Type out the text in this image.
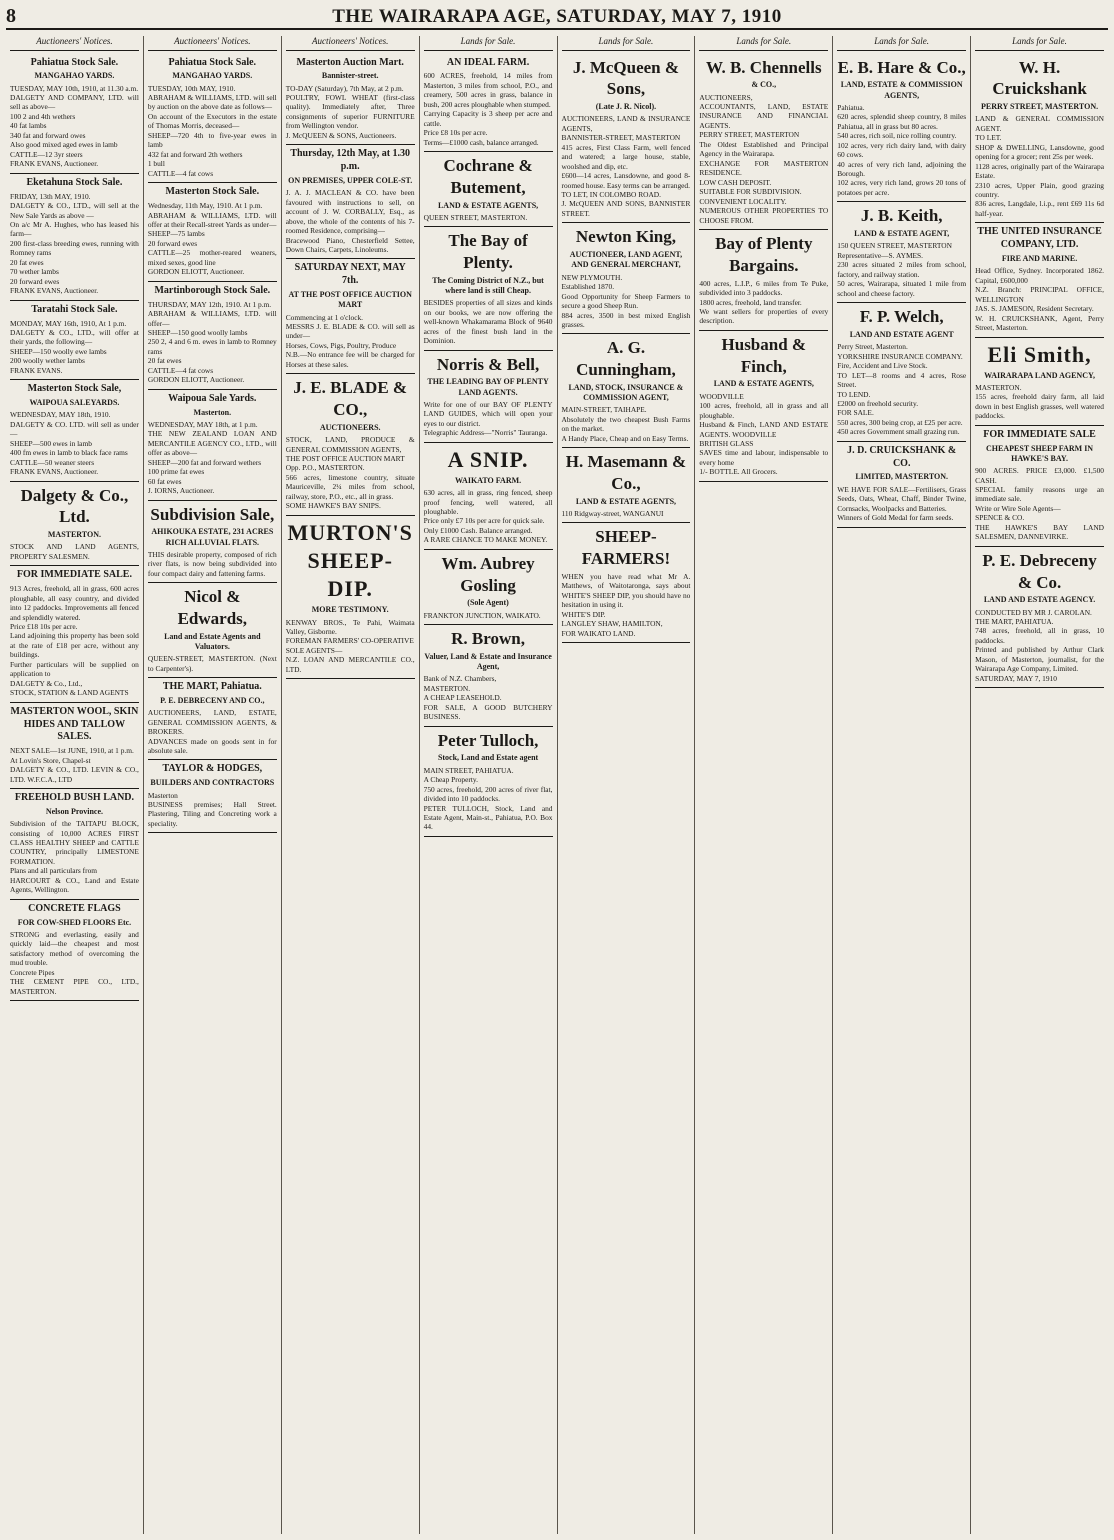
8	THE WAIRARAPA AGE, SATURDAY, MAY 7, 1910
Auctioneers' Notices.
Pahiatua Stock Sale.
MANGAHAO YARDS.
TUESDAY, MAY 10th, 1910, at 11.30 a.m.
DALGETY AND COMPANY, LTD. will sell as above—
100 2 and 4th wethers
40 fat lambs
340 fat and forward owes
Also good mixed aged ewes in lamb
CATTLE—12 3yr steers
FRANK EVANS, Auctioneer.
Eketahuna Stock Sale.
FRIDAY, 13th MAY, 1910.
DALGETY & CO., LTD., will sell at the New Sale Yards as above —
On a/c Mr A. Hughes, who has leased his farm—
200 first-class breeding ewes, running with Romney rams
20 fat ewes
70 wether lambs
20 forward ewes
FRANK EVANS, Auctioneer.
Taratahi Stock Sale.
MONDAY, MAY 16th, 1910, At 1 p.m.
DALGETY & CO., LTD., will offer at their yards, the following—
SHEEP—150 woolly ewe lambs
200 woolly wether lambs
FRANK EVANS.
Masterton Stock Sale,
WAIPOUA SALEYARDS.
WEDNESDAY, MAY 18th, 1910.
DALGETY & CO. LTD. will sell as under—
SHEEP—500 ewes in lamb
400 fm ewes in lamb to black face rams
CATTLE—50 weaner steers
FRANK EVANS, Auctioneer.
Dalgety & Co., Ltd.
MASTERTON.
STOCK AND LAND AGENTS, PROPERTY SALESMEN.
FOR IMMEDIATE SALE.
913 Acres, freehold, all in grass, 600 acres ploughable, all easy country, and divided into 12 paddocks. Improvements all fenced and splendidly watered.
Price £18 10s per acre.
Land adjoining this property has been sold at the rate of £18 per acre, without any buildings.
Further particulars will be supplied on application to
DALGETY & Co., Ltd.,
STOCK, STATION & LAND AGENTS
MASTERTON WOOL, SKIN HIDES AND TALLOW SALES.
NEXT SALE—1st JUNE, 1910, at 1 p.m.
At Lovin's Store, Chapel-st
DALGETY & CO., LTD. LEVIN & CO., LTD. W.F.C.A., LTD
FREEHOLD BUSH LAND.
Nelson Province.
Subdivision of the TAITAPU BLOCK, consisting of 10,000 ACRES FIRST CLASS HEALTHY SHEEP and CATTLE COUNTRY, principally LIMESTONE FORMATION.
Plans and all particulars from
HARCOURT & CO., Land and Estate Agents, Wellington.
CONCRETE FLAGS
FOR COW-SHED FLOORS Etc.
STRONG and everlasting, easily and quickly laid—the cheapest and most satisfactory method of overcoming the mud trouble.
Concrete Pipes
THE CEMENT PIPE CO., LTD., MASTERTON.
Auctioneers' Notices.
Pahiatua Stock Sale.
MANGAHAO YARDS.
TUESDAY, 10th MAY, 1910.
ABRAHAM & WILLIAMS, LTD. will sell by auction on the above date as follows—
On account of the Executors in the estate of Thomas Morris, deceased—
SHEEP—720 4th to five-year ewes in lamb
432 fat and forward 2th wethers
1 bull
CATTLE—4 fat cows
Masterton Stock Sale.
Wednesday, 11th May, 1910. At 1 p.m.
ABRAHAM & WILLIAMS, LTD. will offer at their Recall-street Yards as under—
SHEEP—75 lambs
20 forward ewes
CATTLE—25 mother-reared weaners, mixed sexes, good line
GORDON ELIOTT, Auctioneer.
Martinborough Stock Sale.
THURSDAY, MAY 12th, 1910. At 1 p.m.
ABRAHAM & WILLIAMS, LTD. will offer—
SHEEP—150 good woolly lambs
250 2, 4 and 6 m. ewes in lamb to Romney rams
20 fat ewes
CATTLE—4 fat cows
GORDON ELIOTT, Auctioneer.
Waipoua Sale Yards.
Masterton.
WEDNESDAY, MAY 18th, at 1 p.m.
THE NEW ZEALAND LOAN AND MERCANTILE AGENCY CO., LTD., will offer as above—
SHEEP—200 fat and forward wethers
100 prime fat ewes
60 fat ewes
J. IORNS, Auctioneer.
Subdivision Sale,
AHIKOUKA ESTATE, 231 ACRES RICH ALLUVIAL FLATS.
THIS desirable property, composed of rich river flats, is now being subdivided into four compact dairy and fattening farms.
Nicol & Edwards,
Land and Estate Agents and Valuators.
QUEEN-STREET, MASTERTON. (Next to Carpenter's).
THE MART, Pahiatua.
P. E. DEBRECENY AND CO.,
AUCTIONEERS, LAND, ESTATE, GENERAL COMMISSION AGENTS, & BROKERS.
ADVANCES made on goods sent in for absolute sale.
TAYLOR & HODGES,
BUILDERS AND CONTRACTORS
Masterton
BUSINESS premises; Hall Street. Plastering, Tiling and Concreting work a speciality.
Auctioneers' Notices.
Masterton Auction Mart.
Bannister-street.
TO-DAY (Saturday), 7th May, at 2 p.m.
POULTRY, FOWL WHEAT (first-class quality). Immediately after, Three consignments of superior FURNITURE from Wellington vendor.
J. McQUEEN & SONS, Auctioneers.
Thursday, 12th May, at 1.30 p.m.
ON PREMISES, UPPER COLE-ST.
J. A. J. MACLEAN & CO. have been favoured with instructions to sell, on account of J. W. CORBALLY, Esq., as above, the whole of the contents of his 7-roomed Residence, comprising—
Bracewood Piano, Chesterfield Settee, Down Chairs, Carpets, Linoleums.
SATURDAY NEXT, MAY 7th.
AT THE POST OFFICE AUCTION MART
Commencing at 1 o'clock.
MESSRS J. E. BLADE & CO. will sell as under—
Horses, Cows, Pigs, Poultry, Produce
N.B.—No entrance fee will be charged for Horses at these sales.
J. E. BLADE & CO.,
AUCTIONEERS.
STOCK, LAND, PRODUCE & GENERAL COMMISSION AGENTS,
THE POST OFFICE AUCTION MART
Opp. P.O., MASTERTON.
566 acres, limestone country, situate Mauriceville, 2¼ miles from school, railway, store, P.O., etc., all in grass.
SOME HAWKE'S BAY SNIPS.
MURTON'S SHEEP-DIP.
MORE TESTIMONY.
KENWAY BROS., Te Pahi, Waimata Valley, Gisborne.
FOREMAN FARMERS' CO-OPERATIVE
SOLE AGENTS—
N.Z. LOAN AND MERCANTILE CO., LTD.
Lands for Sale.
AN IDEAL FARM.
600 ACRES, freehold, 14 miles from Masterton, 3 miles from school, P.O., and creamery, 500 acres in grass, balance in bush, 200 acres ploughable when stumped.
Carrying Capacity is 3 sheep per acre and cattle.
Price £8 10s per acre.
Terms—£1000 cash, balance arranged.
Cochrane & Butement,
LAND & ESTATE AGENTS,
QUEEN STREET, MASTERTON.
The Bay of Plenty.
The Coming District of N.Z., but where land is still Cheap.
BESIDES properties of all sizes and kinds on our books, we are now offering the well-known Whakamarama Block of 9640 acres of the finest bush land in the Dominion.
Norris & Bell,
THE LEADING BAY OF PLENTY LAND AGENTS.
Write for one of our BAY OF PLENTY LAND GUIDES, which will open your eyes to our district.
Telegraphic Address—"Norris" Tauranga.
A SNIP.
WAIKATO FARM.
630 acres, all in grass, ring fenced, sheep proof fencing, well watered, all ploughable.
Price only £7 10s per acre for quick sale.
Only £1000 Cash. Balance arranged.
A RARE CHANCE TO MAKE MONEY.
Wm. Aubrey Gosling
(Sole Agent)
FRANKTON JUNCTION, WAIKATO.
R. Brown,
Valuer, Land & Estate and Insurance Agent,
Bank of N.Z. Chambers,
MASTERTON.
A CHEAP LEASEHOLD.
FOR SALE, A GOOD BUTCHERY BUSINESS.
Peter Tulloch,
Stock, Land and Estate agent
MAIN STREET, PAHIATUA.
A Cheap Property.
750 acres, freehold, 200 acres of river flat, divided into 10 paddocks.
PETER TULLOCH, Stock, Land and Estate Agent, Main-st., Pahiatua, P.O. Box 44.
Lands for Sale.
J. McQueen & Sons,
(Late J. R. Nicol).
AUCTIONEERS, LAND & INSURANCE AGENTS,
BANNISTER-STREET, MASTERTON
415 acres, First Class Farm, well fenced and watered; a large house, stable, woolshed and dip, etc.
£600—14 acres, Lansdowne, and good 8-roomed house. Easy terms can be arranged.
TO LET, IN COLOMBO ROAD.
J. McQUEEN AND SONS, BANNISTER STREET.
Newton King,
AUCTIONEER, LAND AGENT, AND GENERAL MERCHANT,
NEW PLYMOUTH.
Established 1870.
Good Opportunity for Sheep Farmers to secure a good Sheep Run.
884 acres, 3500 in best mixed English grasses.
A. G. Cunningham,
LAND, STOCK, INSURANCE & COMMISSION AGENT,
MAIN-STREET, TAIHAPE.
Absolutely the two cheapest Bush Farms on the market.
A Handy Place, Cheap and on Easy Terms.
H. Masemann & Co.,
LAND & ESTATE AGENTS,
110 Ridgway-street, WANGANUI
SHEEP-FARMERS!
WHEN you have read what Mr A. Matthews, of Waitotaronga, says about WHITE'S SHEEP DIP, you should have no hesitation in using it.
WHITE'S DIP.
LANGLEY SHAW, HAMILTON,
FOR WAIKATO LAND.
Lands for Sale.
W. B. Chennells
& CO.,
AUCTIONEERS,
ACCOUNTANTS, LAND, ESTATE INSURANCE AND FINANCIAL AGENTS.
PERRY STREET, MASTERTON
The Oldest Established and Principal Agency in the Wairarapa.
EXCHANGE FOR MASTERTON RESIDENCE.
LOW CASH DEPOSIT.
SUITABLE FOR SUBDIVISION.
CONVENIENT LOCALITY.
NUMEROUS OTHER PROPERTIES TO CHOOSE FROM.
Bay of Plenty Bargains.
400 acres, L.I.P., 6 miles from Te Puke, subdivided into 3 paddocks.
1800 acres, freehold, land transfer.
We want sellers for properties of every description.
Husband & Finch,
LAND & ESTATE AGENTS,
WOODVILLE
100 acres, freehold, all in grass and all ploughable.
Husband & Finch, LAND AND ESTATE AGENTS. WOODVILLE
BRITISH GLASS
SAVES time and labour, indispensable to every home
1/- BOTTLE. All Grocers.
Lands for Sale.
E. B. Hare & Co.,
LAND, ESTATE & COMMISSION AGENTS,
Pahiatua.
620 acres, splendid sheep country, 8 miles Pahiatua, all in grass but 80 acres.
540 acres, rich soil, nice rolling country.
102 acres, very rich dairy land, with dairy 60 cows.
40 acres of very rich land, adjoining the Borough.
102 acres, very rich land, grows 20 tons of potatoes per acre.
J. B. Keith,
LAND & ESTATE AGENT,
150 QUEEN STREET, MASTERTON
Representative—S. AYMES.
230 acres situated 2 miles from school, factory, and railway station.
50 acres, Wairarapa, situated 1 mile from school and cheese factory.
F. P. Welch,
LAND AND ESTATE AGENT
Perry Street, Masterton.
YORKSHIRE INSURANCE COMPANY.
Fire, Accident and Live Stock.
TO LET—8 rooms and 4 acres, Rose Street.
TO LEND.
£2000 on freehold security.
FOR SALE.
550 acres, 300 being crop, at £25 per acre.
450 acres Government small grazing run.
J. D. CRUICKSHANK & CO.
LIMITED, MASTERTON.
WE HAVE FOR SALE—Fertilisers, Grass Seeds, Oats, Wheat, Chaff, Binder Twine, Cornsacks, Woolpacks and Batteries.
Winners of Gold Medal for farm seeds.
Lands for Sale.
W. H. Cruickshank
PERRY STREET, MASTERTON.
LAND & GENERAL COMMISSION AGENT.
TO LET.
SHOP & DWELLING, Lansdowne, good opening for a grocer; rent 25s per week.
1128 acres, originally part of the Wairarapa Estate.
2310 acres, Upper Plain, good grazing country.
836 acres, Langdale, l.i.p., rent £69 11s 6d half-year.
THE UNITED INSURANCE COMPANY, LTD.
FIRE AND MARINE.
Head Office, Sydney. Incorporated 1862. Capital, £600,000
N.Z. Branch: PRINCIPAL OFFICE, WELLINGTON
JAS. S. JAMESON, Resident Secretary.
W. H. CRUICKSHANK, Agent, Perry Street, Masterton.
Eli Smith,
WAIRARAPA LAND AGENCY,
MASTERTON.
155 acres, freehold dairy farm, all laid down in best English grasses, well watered paddocks.
FOR IMMEDIATE SALE
CHEAPEST SHEEP FARM IN HAWKE'S BAY.
900 ACRES. PRICE £3,000. £1,500 CASH.
SPECIAL family reasons urge an immediate sale.
Write or Wire Sole Agents—
SPENCE & CO.
THE HAWKE'S BAY LAND SALESMEN, DANNEVIRKE.
P. E. Debreceny & Co.
LAND AND ESTATE AGENCY.
CONDUCTED BY MR J. CAROLAN.
THE MART, PAHIATUA.
748 acres, freehold, all in grass, 10 paddocks.
Printed and published by Arthur Clark Mason, of Masterton, journalist, for the Wairarapa Age Company, Limited.
SATURDAY, MAY 7, 1910
